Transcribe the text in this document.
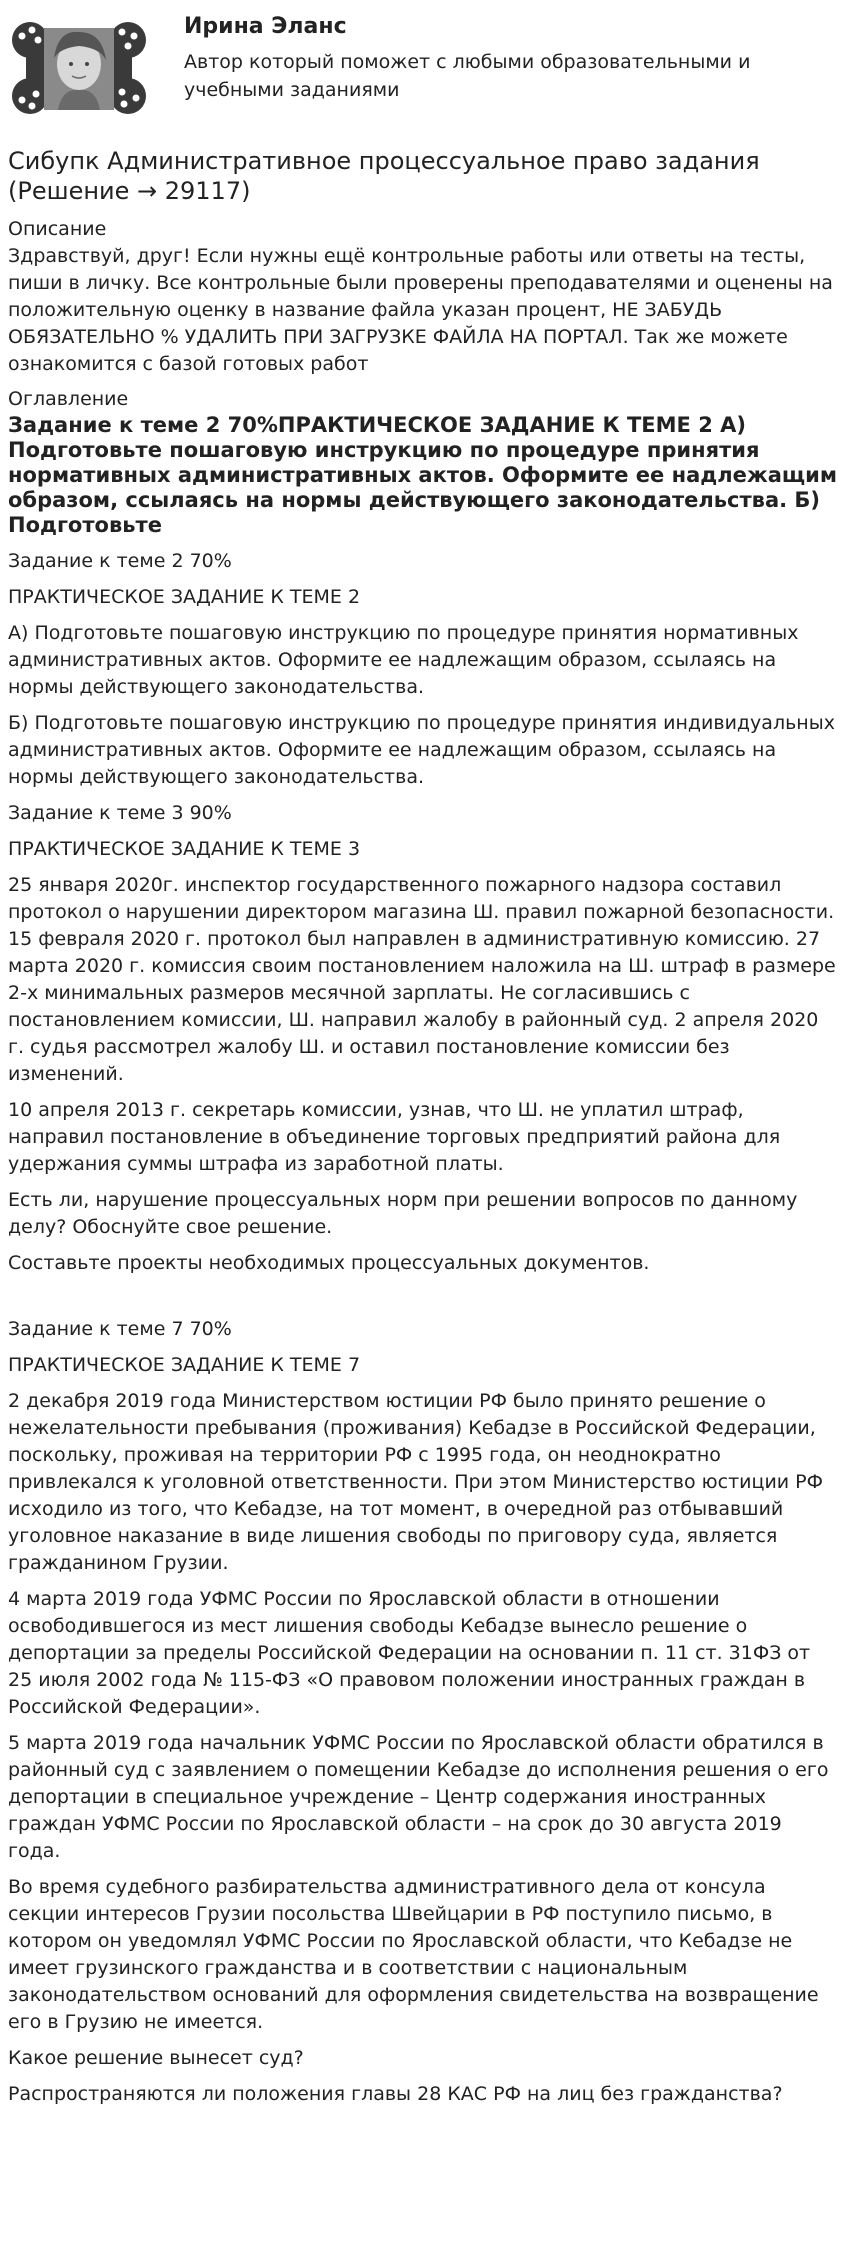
Ирина Эланс
Автор который поможет с любыми образовательными и учебными заданиями
Сибупк Административное процессуальное право задания (Решение → 29117)

Описание

Здравствуй, друг! Если нужны ещё контрольные работы или ответы на тесты, пиши в личку. Все контрольные были проверены преподавателями и оценены на положительную оценку в название файла указан процент, НЕ ЗАБУДЬ ОБЯЗАТЕЛЬНО % УДАЛИТЬ ПРИ ЗАГРУЗКЕ ФАЙЛА НА ПОРТАЛ. Так же можете ознакомится с базой готовых работ

Оглавление

Задание к теме 2 70%ПРАКТИЧЕСКОЕ ЗАДАНИЕ К ТЕМЕ 2 А) Подготовьте пошаговую инструкцию по процедуре принятия нормативных административных актов. Оформите ее надлежащим образом, ссылаясь на нормы действующего законодательства. Б) Подготовьте

Задание к теме 2 70%

ПРАКТИЧЕСКОЕ ЗАДАНИЕ К ТЕМЕ 2

А) Подготовьте пошаговую инструкцию по процедуре принятия нормативных административных актов. Оформите ее надлежащим образом, ссылаясь на нормы действующего законодательства.

Б) Подготовьте пошаговую инструкцию по процедуре принятия индивидуальных административных актов. Оформите ее надлежащим образом, ссылаясь на нормы действующего законодательства.

Задание к теме 3 90%

ПРАКТИЧЕСКОЕ ЗАДАНИЕ К ТЕМЕ 3

25 января 2020г. инспектор государственного пожарного надзора составил протокол о нарушении директором магазина Ш. правил пожарной безопасности. 15 февраля 2020 г. протокол был направлен в административную комиссию. 27 марта 2020 г. комиссия своим постановлением наложила на Ш. штраф в размере 2-х минимальных размеров месячной зарплаты. Не согласившись с постановлением комиссии, Ш. направил жалобу в районный суд. 2 апреля 2020 г. судья рассмотрел жалобу Ш. и оставил постановление комиссии без изменений.

10 апреля 2013 г. секретарь комиссии, узнав, что Ш. не уплатил штраф, направил постановление в объединение торговых предприятий района для удержания суммы штрафа из заработной платы.

Есть ли, нарушение процессуальных норм при решении вопросов по данному делу? Обоснуйте свое решение.

Составьте проекты необходимых процессуальных документов.

Задание к теме 7 70%

ПРАКТИЧЕСКОЕ ЗАДАНИЕ К ТЕМЕ 7

2 декабря 2019 года Министерством юстиции РФ было принято решение о нежелательности пребывания (проживания) Кебадзе в Российской Федерации, поскольку, проживая на территории РФ с 1995 года, он неоднократно привлекался к уголовной ответственности. При этом Министерство юстиции РФ исходило из того, что Кебадзе, на тот момент, в очередной раз отбывавший уголовное наказание в виде лишения свободы по приговору суда, является гражданином Грузии.

4 марта 2019 года УФМС России по Ярославской области в отношении освободившегося из мест лишения свободы Кебадзе вынесло решение о депортации за пределы Российской Федерации на основании п. 11 ст. 31ФЗ от 25 июля 2002 года № 115-ФЗ «О правовом положении иностранных граждан в Российской Федерации».

5 марта 2019 года начальник УФМС России по Ярославской области обратился в районный суд с заявлением о помещении Кебадзе до исполнения решения о его депортации в специальное учреждение – Центр содержания иностранных граждан УФМС России по Ярославской области – на срок до 30 августа 2019 года.

Во время судебного разбирательства административного дела от консула секции интересов Грузии посольства Швейцарии в РФ поступило письмо, в котором он уведомлял УФМС России по Ярославской области, что Кебадзе не имеет грузинского гражданства и в соответствии с национальным законодательством оснований для оформления свидетельства на возвращение его в Грузию не имеется.

Какое решение вынесет суд?

Распространяются ли положения главы 28 КАС РФ на лиц без гражданства?
